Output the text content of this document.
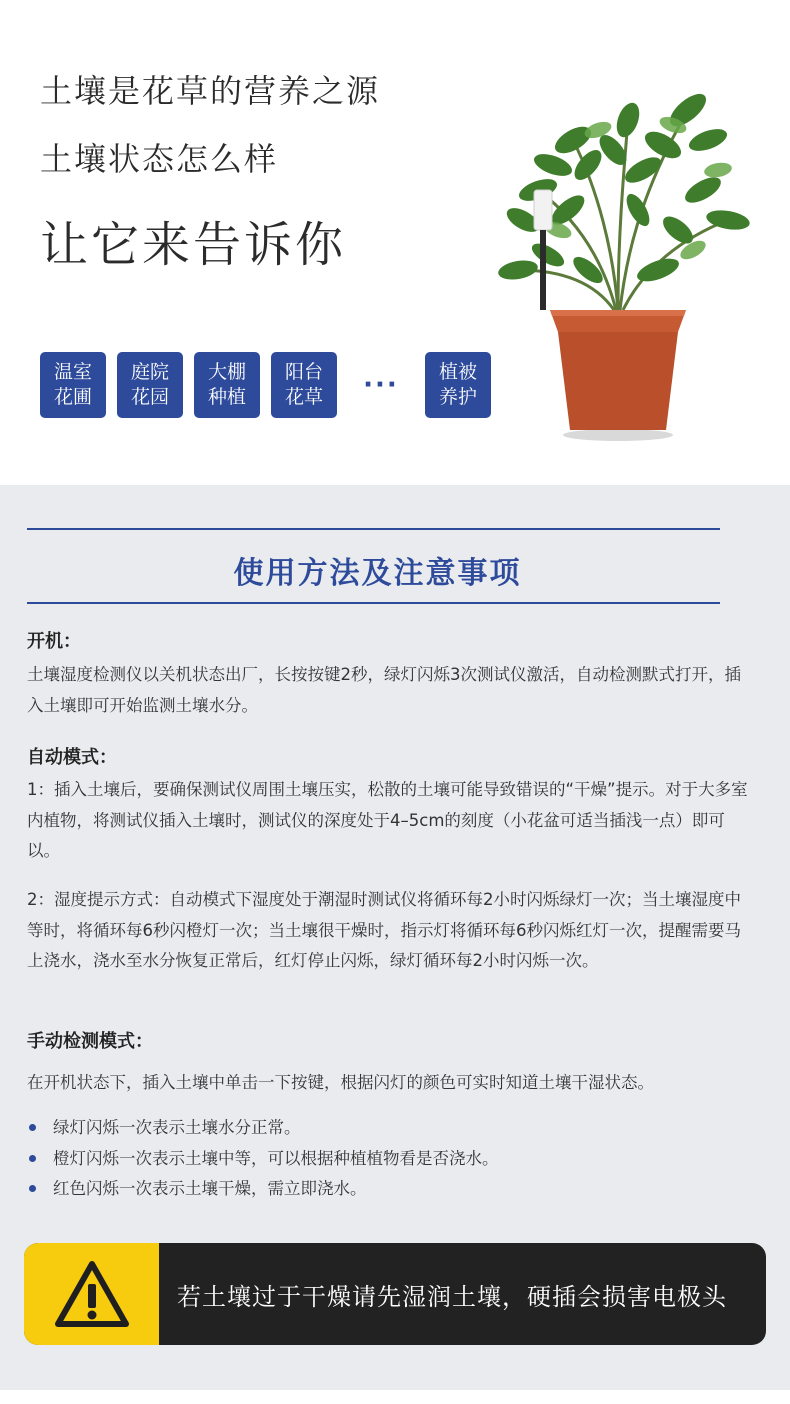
土壤是花草的营养之源
土壤状态怎么样
让它来告诉你
温室
花圃
庭院
花园
大棚
种植
阳台
花草	···	植被
养护
使用方法及注意事项
开机：
土壤湿度检测仪以关机状态出厂，长按按键2秒，绿灯闪烁3次测试仪激活，自动检测默式打开，插入土壤即可开始监测土壤水分。
自动模式：
1：插入土壤后，要确保测试仪周围土壤压实，松散的土壤可能导致错误的“干燥”提示。对于大多室内植物，将测试仪插入土壤时，测试仪的深度处于4–5cm的刻度（小花盆可适当插浅一点）即可以。
2：湿度提示方式：自动模式下湿度处于潮湿时测试仪将循环每2小时闪烁绿灯一次；当土壤湿度中等时，将循环每6秒闪橙灯一次；当土壤很干燥时，指示灯将循环每6秒闪烁红灯一次，提醒需要马上浇水，浇水至水分恢复正常后，红灯停止闪烁，绿灯循环每2小时闪烁一次。
手动检测模式：
在开机状态下，插入土壤中单击一下按键，根据闪灯的颜色可实时知道土壤干湿状态。
绿灯闪烁一次表示土壤水分正常。
橙灯闪烁一次表示土壤中等，可以根据种植植物看是否浇水。
红色闪烁一次表示土壤干燥，需立即浇水。
若土壤过于干燥请先湿润土壤，硬插会损害电极头
